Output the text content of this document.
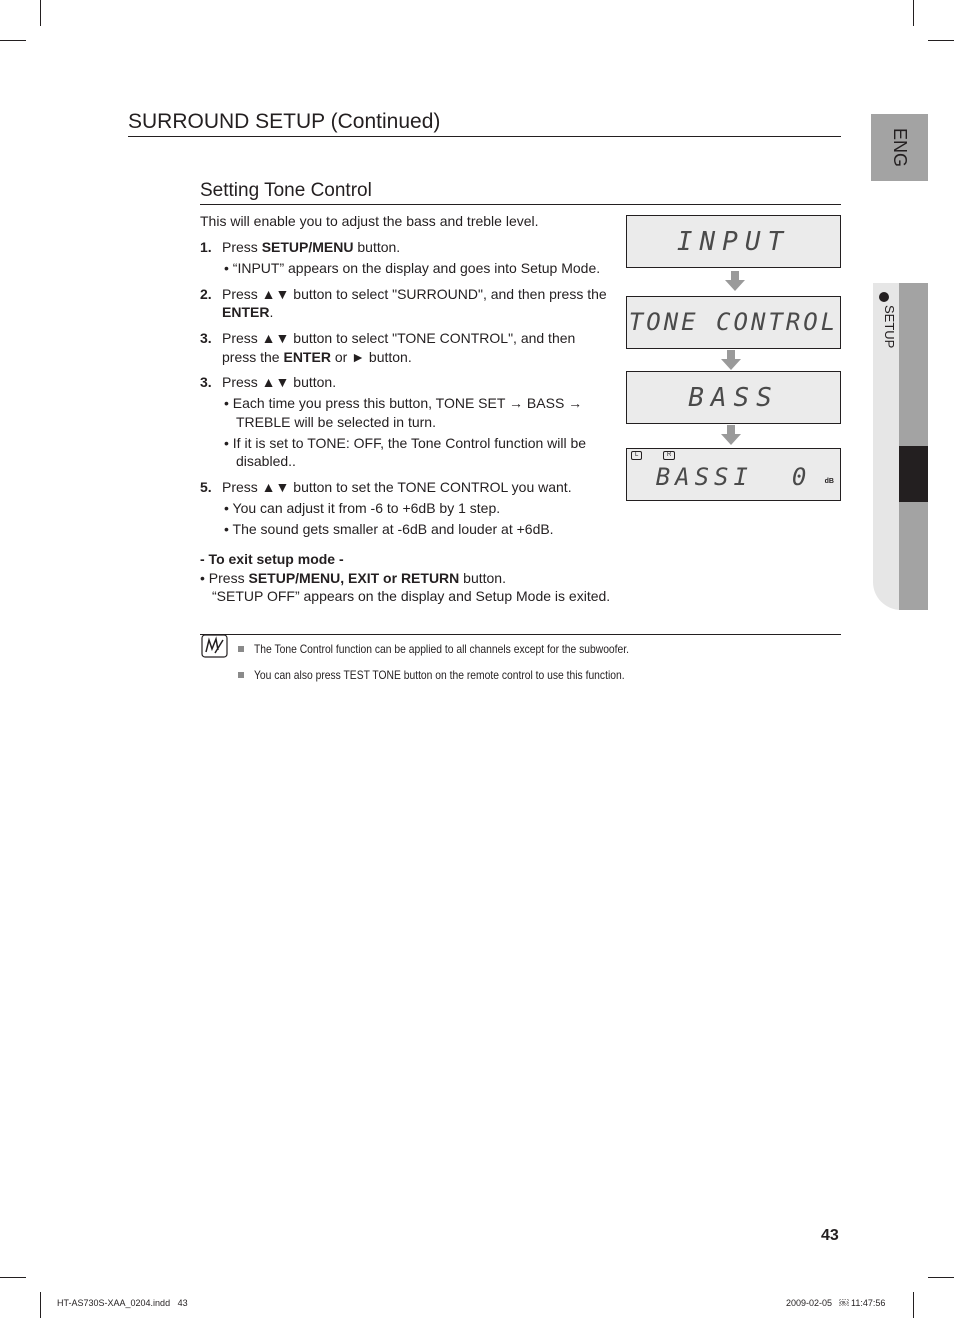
SURROUND SETUP (Continued)
Setting Tone Control
This will enable you to adjust the bass and treble level.
1. Press SETUP/MENU button.
• “INPUT” appears on the display and goes into Setup Mode.
2. Press ▲▼ button to select "SURROUND", and then press the
ENTER.
3. Press ▲▼ button to select "TONE CONTROL", and then
press the ENTER or ► button.
3. Press ▲▼ button.
• Each time you press this button, TONE SET → BASS →
TREBLE will be selected in turn.
• If it is set to TONE: OFF, the Tone Control function will be
disabled..
5. Press ▲▼ button to set the TONE CONTROL you want.
• You can adjust it from -6 to +6dB by 1 step.
• The sound gets smaller at -6dB and louder at +6dB.
- To exit setup mode -
• Press SETUP/MENU, EXIT or RETURN button.
“SETUP OFF” appears on the display and Setup Mode is exited.
INPUT
TONE CONTROL
BASS
L	R
BASSI  0	dB
The Tone Control function can be applied to all channels except for the subwoofer.
You can also press TEST TONE button on the remote control to use this function.
ENG
SETUP
43
HT-AS730S-XAA_0204.indd   43	2009-02-05   ￼ 11:47:56
